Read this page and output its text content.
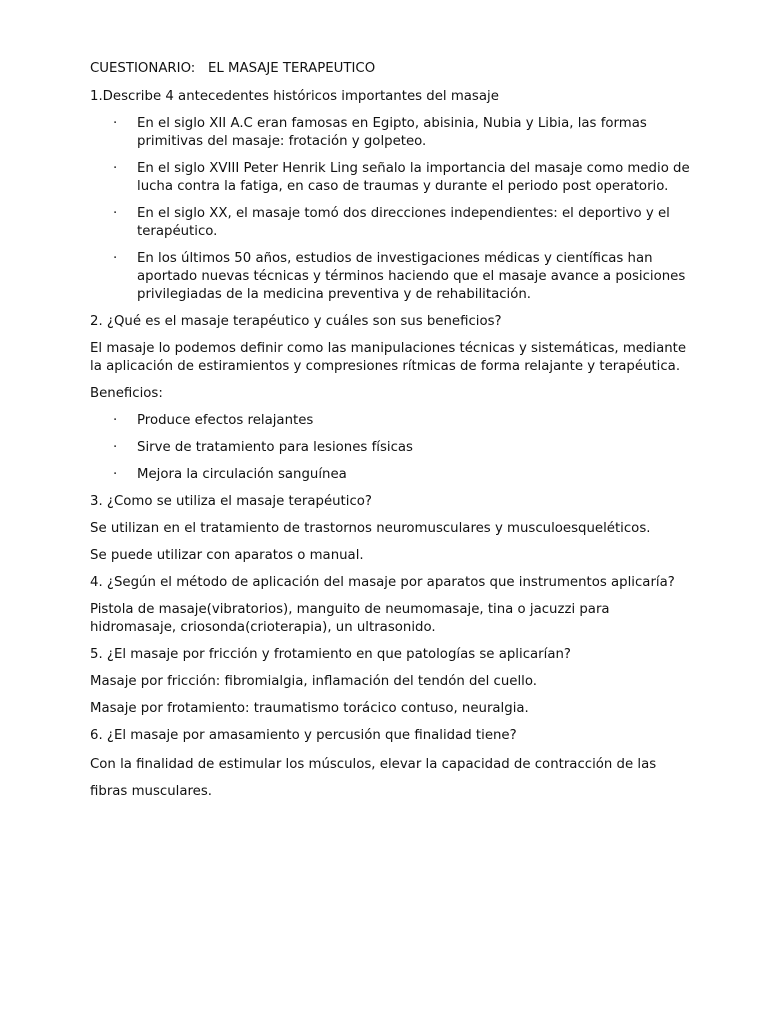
CUESTIONARIO:   EL MASAJE TERAPEUTICO
1.Describe 4 antecedentes históricos importantes del masaje
· En el siglo XII A.C eran famosas en Egipto, abisinia, Nubia y Libia, las formas primitivas del masaje: frotación y golpeteo.
· En el siglo XVIII Peter Henrik Ling señalo la importancia del masaje como medio de lucha contra la fatiga, en caso de traumas y durante el periodo post operatorio.
· En el siglo XX, el masaje tomó dos direcciones independientes: el deportivo y el terapéutico.
· En los últimos 50 años, estudios de investigaciones médicas y científicas han aportado nuevas técnicas y términos haciendo que el masaje avance a posiciones privilegiadas de la medicina preventiva y de rehabilitación.
2. ¿Qué es el masaje terapéutico y cuáles son sus beneficios?
El masaje lo podemos definir como las manipulaciones técnicas y sistemáticas, mediante la aplicación de estiramientos y compresiones rítmicas de forma relajante y terapéutica.
Beneficios:
· Produce efectos relajantes
· Sirve de tratamiento para lesiones físicas
· Mejora la circulación sanguínea
3. ¿Como se utiliza el masaje terapéutico?
Se utilizan en el tratamiento de trastornos neuromusculares y musculoesqueléticos.
Se puede utilizar con aparatos o manual.
4. ¿Según el método de aplicación del masaje por aparatos que instrumentos aplicaría?
Pistola de masaje(vibratorios), manguito de neumomasaje, tina o jacuzzi para hidromasaje, criosonda(crioterapia), un ultrasonido.
5. ¿El masaje por fricción y frotamiento en que patologías se aplicarían?
Masaje por fricción: fibromialgia, inflamación del tendón del cuello.
Masaje por frotamiento: traumatismo torácico contuso, neuralgia.
6. ¿El masaje por amasamiento y percusión que finalidad tiene?
Con la finalidad de estimular los músculos, elevar la capacidad de contracción de las fibras musculares.
